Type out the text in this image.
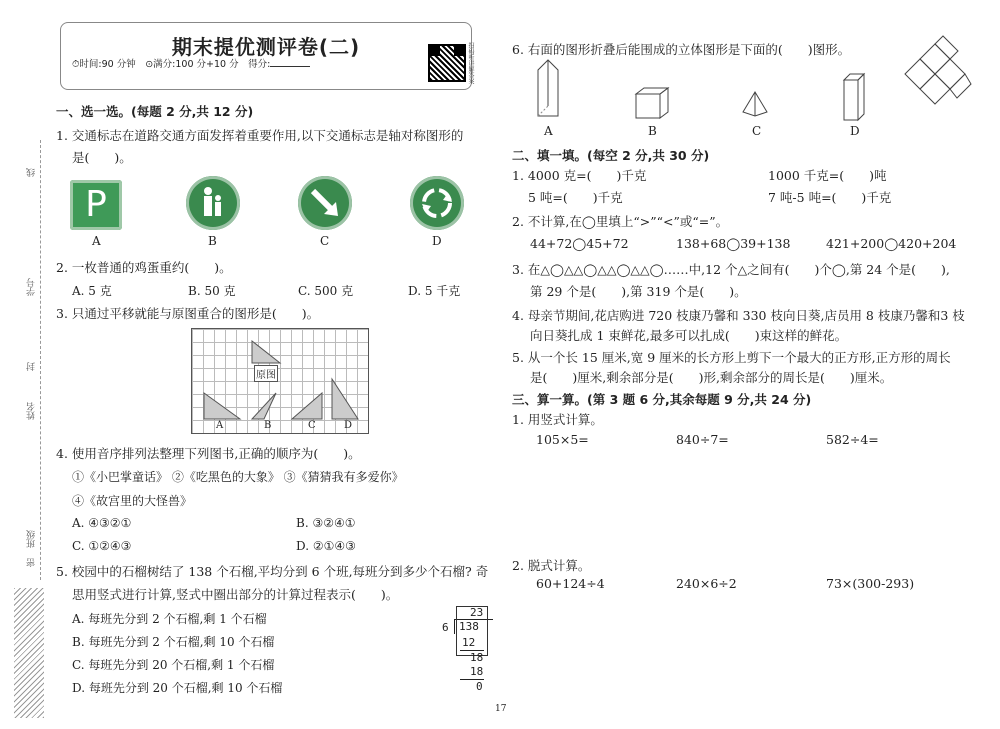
线
学号
封
姓名
班级
密
期末提优测评卷(二)
⏱时间:90 分钟　⊙满分:100 分+10 分　得分:	扫码听讲解答案
一、选一选。(每题 2 分,共 12 分)
1. 交通标志在道路交通方面发挥着重要作用,以下交通标志是轴对称图形的
是(　　)。
P
A	B	C	D
2. 一枚普通的鸡蛋重约(　　)。
A. 5 克	B. 50 克	C. 500 克	D. 5 千克
3. 只通过平移就能与原图重合的图形是(　　)。
原图
A	B	C	D
4. 使用音序排列法整理下列图书,正确的顺序为(　　)。
①《小巴掌童话》 ②《吃黑色的大象》 ③《猜猜我有多爱你》
④《故宫里的大怪兽》
A. ④③②①	B. ③②④①
C. ①②④③	D. ②①④③
5. 校园中的石榴树结了 138 个石榴,平均分到 6 个班,每班分到多少个石榴? 奇
思用竖式进行计算,竖式中圈出部分的计算过程表示(　　)。
A. 每班先分到 2 个石榴,剩 1 个石榴
B. 每班先分到 2 个石榴,剩 10 个石榴
C. 每班先分到 20 个石榴,剩 1 个石榴
D. 每班先分到 20 个石榴,剩 10 个石榴
23
6 138
12
18
18
0
6. 右面的图形折叠后能围成的立体图形是下面的(　　)图形。
A	B	C	D
二、填一填。(每空 2 分,共 30 分)
1. 4000 克=(　　)千克	1000 千克=(　　)吨
5 吨=(　　)千克	7 吨-5 吨=(　　)千克
2. 不计算,在◯里填上“>”“<”或“=”。
44+72◯45+72	138+68◯39+138	421+200◯420+204
3. 在△◯△△◯△△◯△△◯……中,12 个△之间有(　　)个◯,第 24 个是(　　),
第 29 个是(　　),第 319 个是(　　)。
4. 母亲节期间,花店购进 720 枝康乃馨和 330 枝向日葵,店员用 8 枝康乃馨和3 枝
向日葵扎成 1 束鲜花,最多可以扎成(　　)束这样的鲜花。
5. 从一个长 15 厘米,宽 9 厘米的长方形上剪下一个最大的正方形,正方形的周长
是(　　)厘米,剩余部分是(　　)形,剩余部分的周长是(　　)厘米。
三、算一算。(第 3 题 6 分,其余每题 9 分,共 24 分)
1. 用竖式计算。
105×5=	840÷7=	582÷4=
2. 脱式计算。
60+124÷4	240×6÷2	73×(300-293)
17
